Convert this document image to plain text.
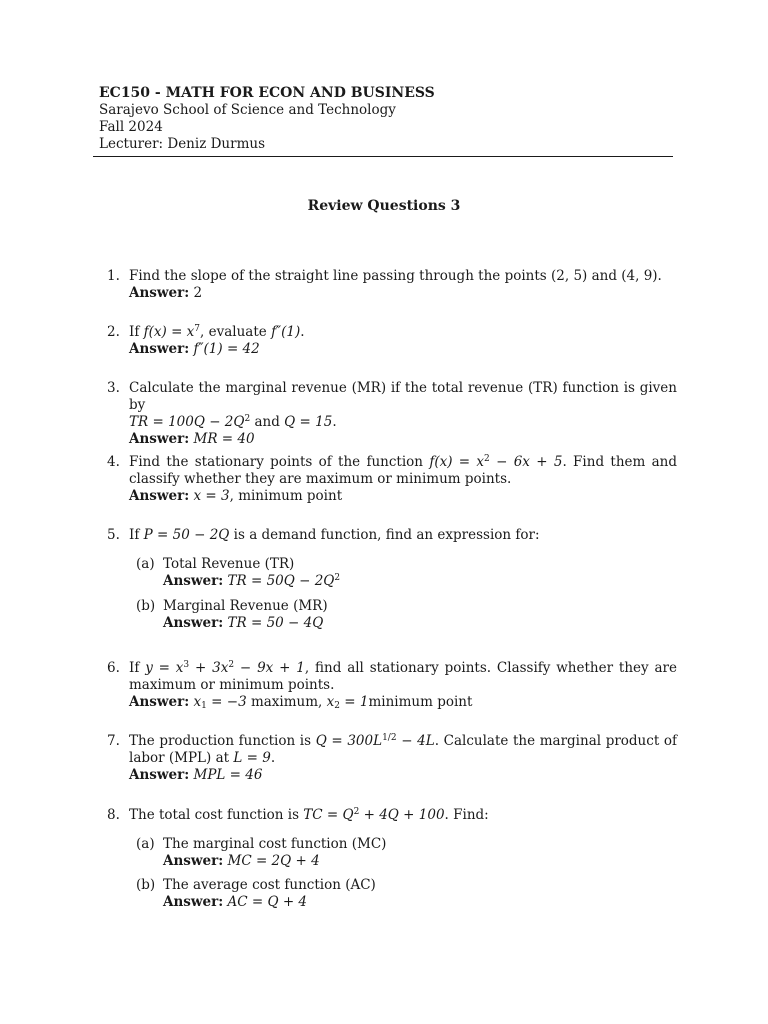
EC150 - MATH FOR ECON AND BUSINESS
Sarajevo School of Science and Technology
Fall 2024
Lecturer: Deniz Durmus
Review Questions 3
1. Find the slope of the straight line passing through the points (2, 5) and (4, 9).
Answer: 2
2. If $f(x) = x^7$, evaluate f″(1).
Answer: f″(1) = 42
3. Calculate the marginal revenue (MR) if the total revenue (TR) function is given by
TR = $100Q - 2Q^2$ and Q = 15.
Answer: MR = 40
4. Find the stationary points of the function $f(x) = x^2 - 6x + 5$. Find them and classify whether they are maximum or minimum points.
Answer: x = 3, minimum point
5. If P = 50 − 2Q is a demand function, find an expression for:
(a) Total Revenue (TR)
Answer: TR = $50Q - 2Q^2$
(b) Marginal Revenue (MR)
Answer: TR = 50 − 4Q
6. If $y = x^3 + 3x^2 - 9x + 1$, find all stationary points. Classify whether they are maximum or minimum points.
Answer: $x_1 = -3$ maximum, $x_2$ = 1minimum point
7. The production function is $Q = 300L^{1/2} - 4L$. Calculate the marginal product of labor (MPL) at L = 9.
Answer: MPL = 46
8. The total cost function is TC = $Q^2 + 4Q + 100$. Find:
(a) The marginal cost function (MC)
Answer: MC = 2Q + 4
(b) The average cost function (AC)
Answer: AC = Q + 4
